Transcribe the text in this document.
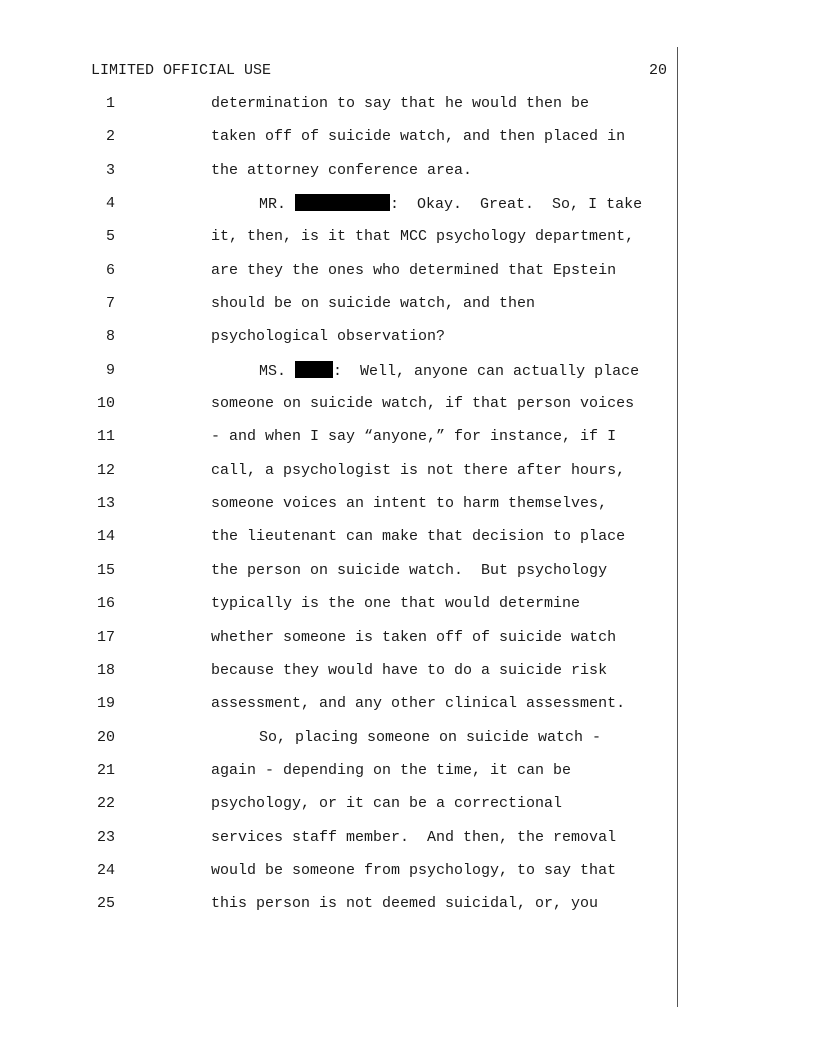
LIMITED OFFICIAL USE	20
1	determination to say that he would then be
2	taken off of suicide watch, and then placed in
3	the attorney conference area.
4	MR.	:  Okay.  Great.  So, I take
5	it, then, is it that MCC psychology department,
6	are they the ones who determined that Epstein
7	should be on suicide watch, and then
8	psychological observation?
9	MS.	:  Well, anyone can actually place
10	someone on suicide watch, if that person voices
11	- and when I say “anyone,” for instance, if I
12	call, a psychologist is not there after hours,
13	someone voices an intent to harm themselves,
14	the lieutenant can make that decision to place
15	the person on suicide watch.  But psychology
16	typically is the one that would determine
17	whether someone is taken off of suicide watch
18	because they would have to do a suicide risk
19	assessment, and any other clinical assessment.
20	So, placing someone on suicide watch -
21	again - depending on the time, it can be
22	psychology, or it can be a correctional
23	services staff member.  And then, the removal
24	would be someone from psychology, to say that
25	this person is not deemed suicidal, or, you
